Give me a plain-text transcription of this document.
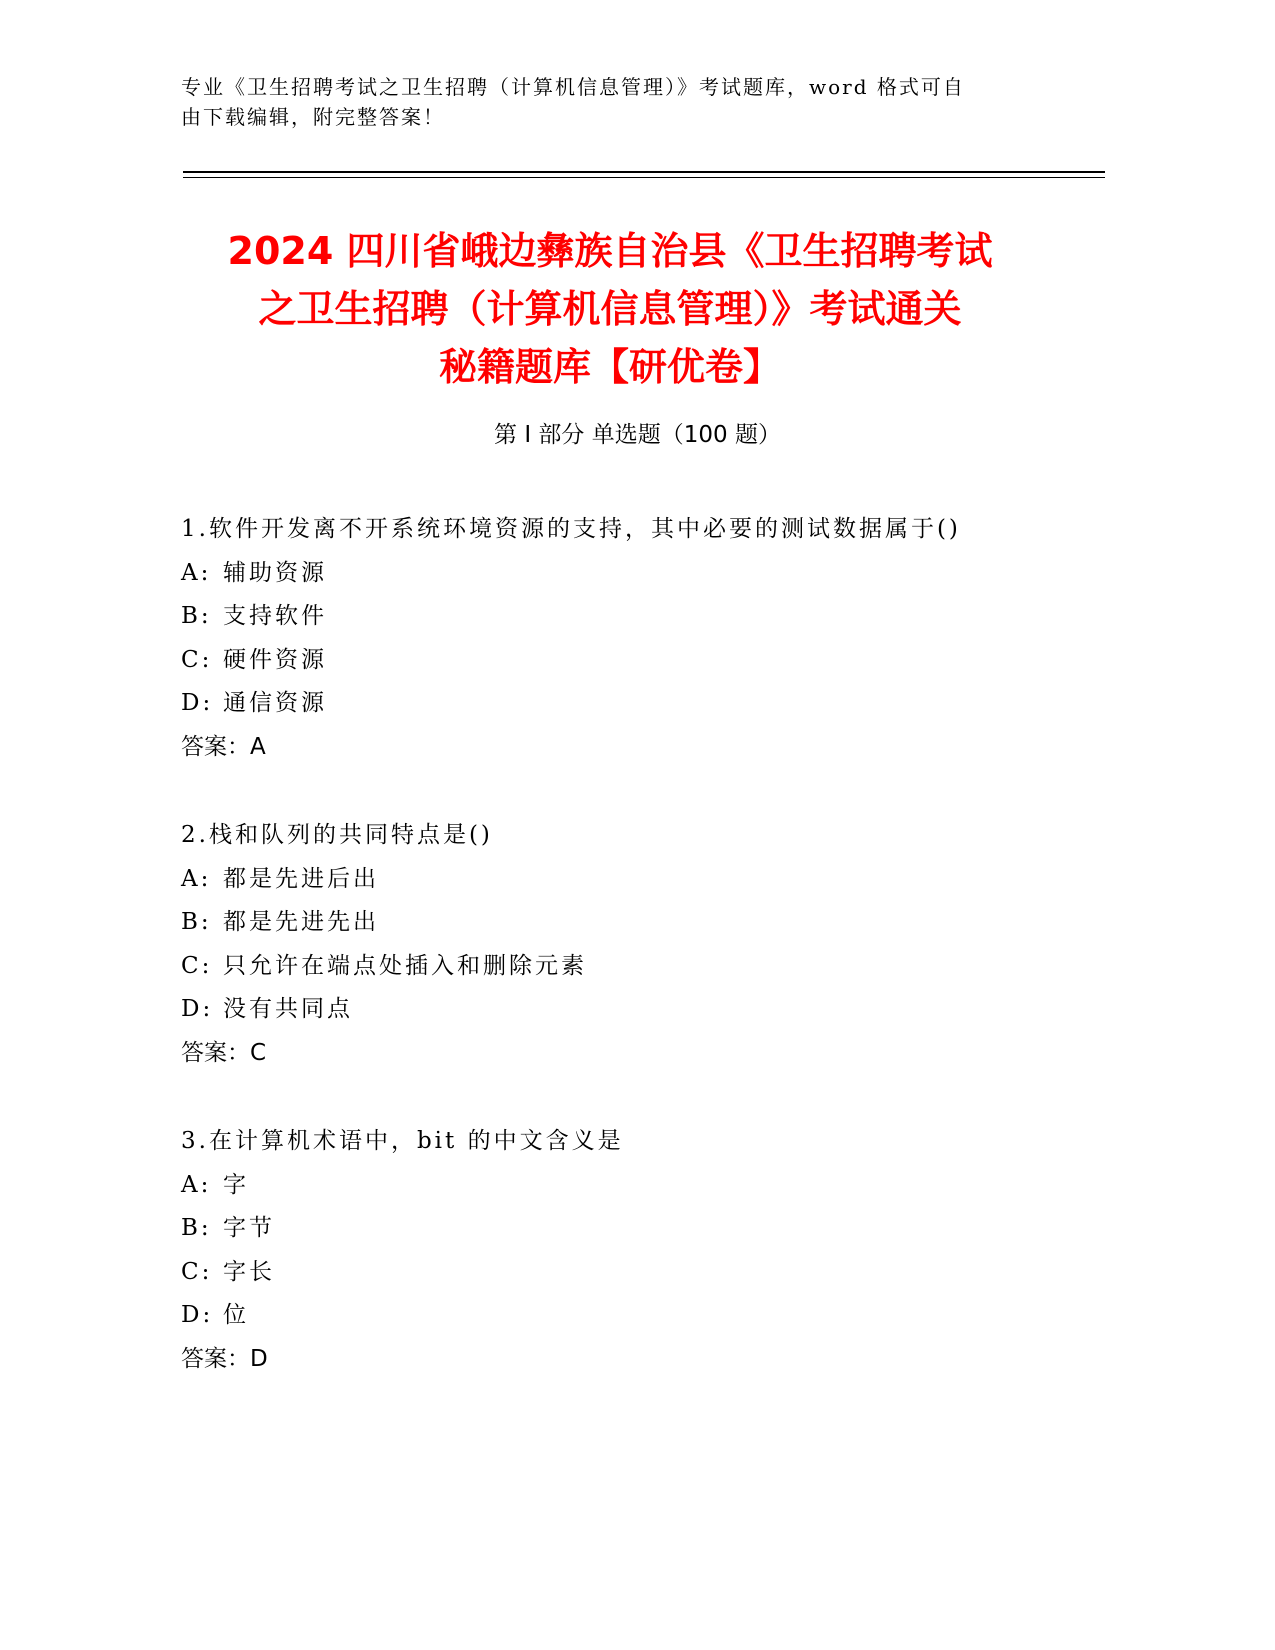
专业《卫生招聘考试之卫生招聘（计算机信息管理）》考试题库，word 格式可自
由下载编辑，附完整答案！
2024 四川省峨边彝族自治县《卫生招聘考试
之卫生招聘（计算机信息管理）》考试通关
秘籍题库【研优卷】
第 I 部分 单选题（100 题）
1.软件开发离不开系统环境资源的支持，其中必要的测试数据属于()
A: 辅助资源
B: 支持软件
C: 硬件资源
D: 通信资源
答案：A
2.栈和队列的共同特点是()
A: 都是先进后出
B: 都是先进先出
C: 只允许在端点处插入和删除元素
D: 没有共同点
答案：C
3.在计算机术语中，bit 的中文含义是
A: 字
B: 字节
C: 字长
D: 位
答案：D
